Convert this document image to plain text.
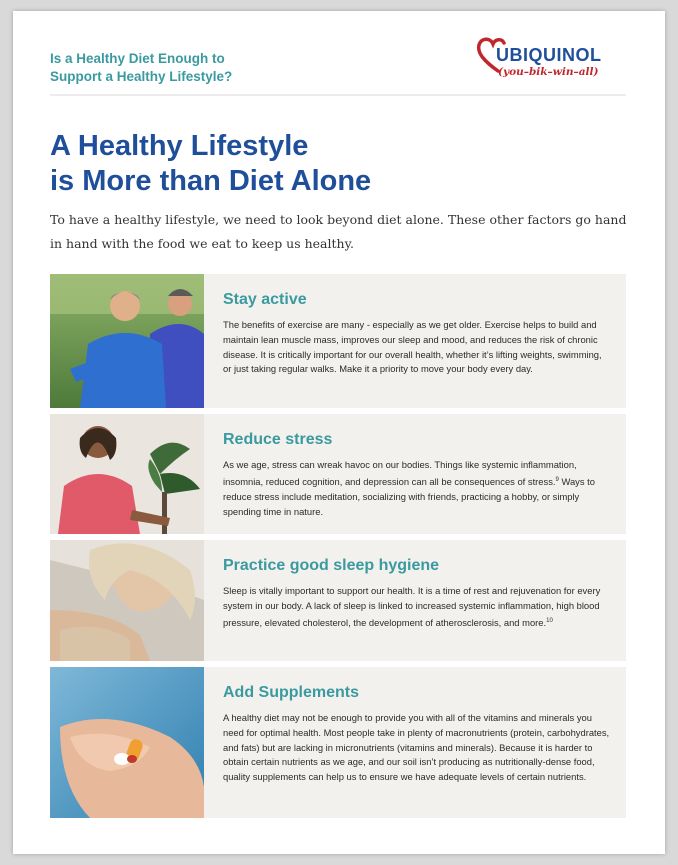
Is a Healthy Diet Enough to
Support a Healthy Lifestyle?
UBIQUINOL
(you–bik–win–all)
A Healthy Lifestyle
is More than Diet Alone

To have a healthy lifestyle, we need to look beyond diet alone. These other factors go hand in hand with the food we eat to keep us healthy.

Stay active

The benefits of exercise are many - especially as we get older. Exercise helps to build and maintain lean muscle mass, improves our sleep and mood, and reduces the risk of chronic disease. It is critically important for our overall health, whether it’s lifting weights, swimming, or just taking regular walks. Make it a priority to move your body every day.

Reduce stress

As we age, stress can wreak havoc on our bodies. Things like systemic inflammation, insomnia, reduced cognition, and depression can all be consequences of stress.$^9$ Ways to reduce stress include meditation, socializing with friends, practicing a hobby, or simply spending time in nature.

Practice good sleep hygiene

Sleep is vitally important to support our health. It is a time of rest and rejuvenation for every system in our body. A lack of sleep is linked to increased systemic inflammation, high blood pressure, elevated cholesterol, the development of atherosclerosis, and more.$^{10}$

Add Supplements

A healthy diet may not be enough to provide you with all of the vitamins and minerals you need for optimal health. Most people take in plenty of macronutrients (protein, carbohydrates, and fats) but are lacking in micronutrients (vitamins and minerals). Because it is harder to obtain certain nutrients as we age, and our soil isn’t producing as nutritionally-dense food, quality supplements can help us to ensure we have adequate levels of certain nutrients.
